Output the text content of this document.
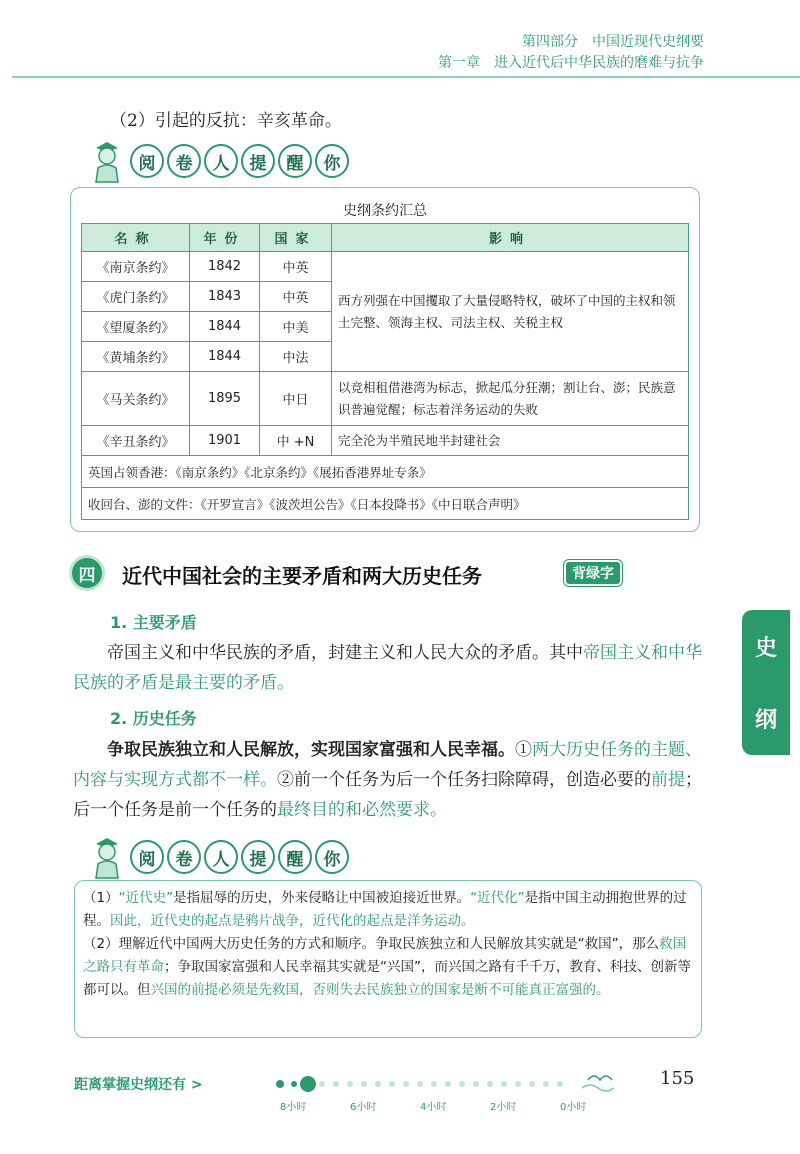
第四部分　中国近现代史纲要
第一章　进入近代后中华民族的磨难与抗争
（2）引起的反抗：辛亥革命。
阅	卷	人	提	醒	你
史纲条约汇总
名称	年份	国家	影响
《南京条约》	1842	中英	西方列强在中国攫取了大量侵略特权，破坏了中国的主权和领土完整、领海主权、司法主权、关税主权
《虎门条约》	1843	中英	
《望厦条约》	1844	中美	
《黄埔条约》	1844	中法	
《马关条约》	1895	中日	以竞相租借港湾为标志，掀起瓜分狂潮；割让台、澎；民族意识普遍觉醒；标志着洋务运动的失败
《辛丑条约》	1901	中 +N	完全沦为半殖民地半封建社会
英国占领香港：《南京条约》《北京条约》《展拓香港界址专条》			
收回台、澎的文件：《开罗宣言》《波茨坦公告》《日本投降书》《中日联合声明》			
四	近代中国社会的主要矛盾和两大历史任务	背绿字
1. 主要矛盾
帝国主义和中华民族的矛盾，封建主义和人民大众的矛盾。其中帝国主义和中华民族的矛盾是最主要的矛盾。
2. 历史任务
争取民族独立和人民解放，实现国家富强和人民幸福。①两大历史任务的主题、内容与实现方式都不一样。②前一个任务为后一个任务扫除障碍，创造必要的前提；后一个任务是前一个任务的最终目的和必然要求。
史
纲
阅	卷	人	提	醒	你
（1）“近代史”是指屈辱的历史，外来侵略让中国被迫接近世界。“近代化”是指中国主动拥抱世界的过程。因此，近代史的起点是鸦片战争，近代化的起点是洋务运动。
（2）理解近代中国两大历史任务的方式和顺序。争取民族独立和人民解放其实就是“救国”，那么救国之路只有革命；争取国家富强和人民幸福其实就是“兴国”，而兴国之路有千千万，教育、科技、创新等都可以。但兴国的前提必须是先救国，否则失去民族独立的国家是断不可能真正富强的。
距离掌握史纲还有 >
8小时	6小时	4小时	2小时	0小时
155
